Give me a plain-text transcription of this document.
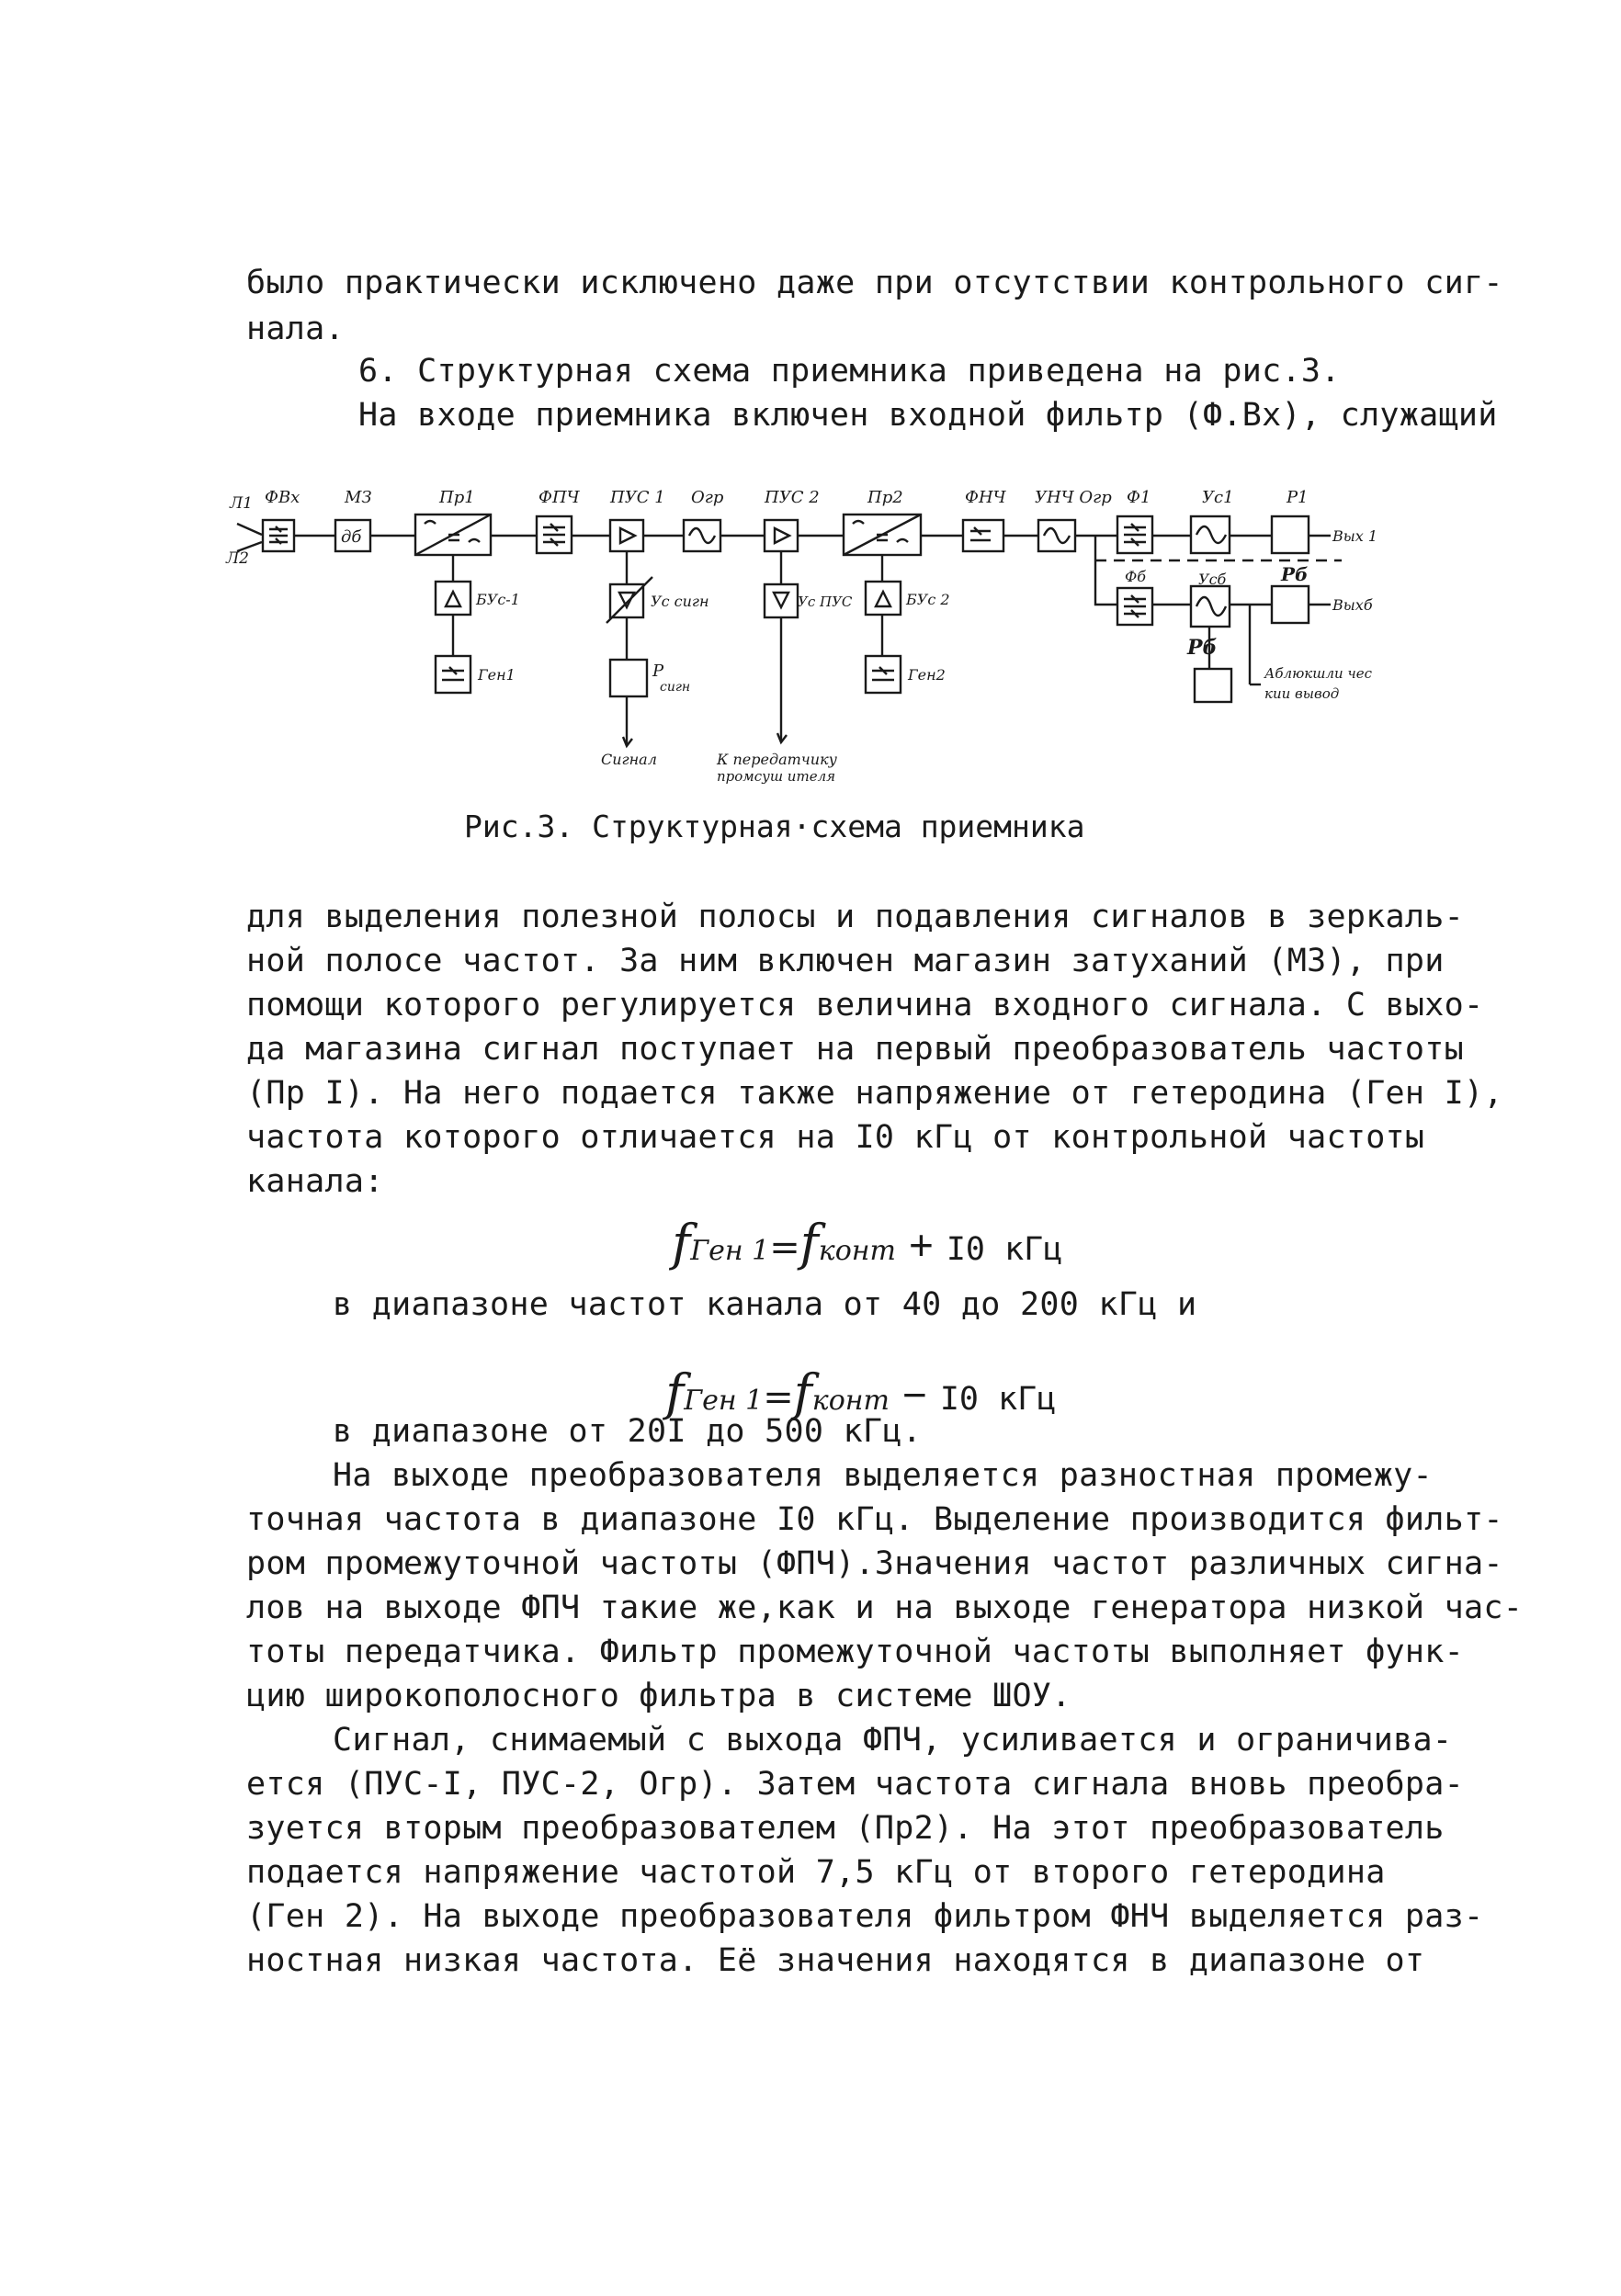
было практически исключено даже при отсутствии контрольного сиг-
нала.
6. Структурная схема приемника приведена на рис.3.
На входе приемника включен входной фильтр (Ф.Вх), служащий
Л1
Л2
ФВх	МЗ
дб
Пр1	ФПЧ ПУС 1 Огр ПУС 2	Пр2	ФНЧ УНЧ Огр Ф1	Ус1	Р1
Вых 1
Фб	Усб	Рб
Выхб
Рб
Аблюкшли чес
кии вывод
БУс-1
Ген1
Ус сигн
Р
сигн
Сигнал
Ус ПУС
К передатчику
промсуш ителя
БУс 2
Ген2
Рис.3. Структурная·схема приемника
для выделения полезной полосы и подавления сигналов в зеркаль-
ной полосе частот. За ним включен магазин затуханий (МЗ), при
помощи которого регулируется величина входного сигнала. С выхо-
да магазина сигнал поступает на первый преобразователь частоты
(Пр I). На него подается также напряжение от гетеродина (Ген I),
частота которого отличается на I0 кГц от контрольной частоты
канала:

fГен 1=fконт + I0 кГц

в диапазоне частот канала от 40 до 200 кГц и

fГен 1=fконт − I0 кГц

в диапазоне от 20I до 500 кГц.
На выходе преобразователя выделяется разностная промежу-
точная частота в диапазоне I0 кГц. Выделение производится фильт-
ром промежуточной частоты (ФПЧ).Значения частот различных сигна-
лов на выходе ФПЧ такие же,как и на выходе генератора низкой час-
тоты передатчика. Фильтр промежуточной частоты выполняет функ-
цию широкополосного фильтра в системе ШОУ.
Сигнал, снимаемый с выхода ФПЧ, усиливается и ограничива-
ется (ПУС-I, ПУС-2, Огр). Затем частота сигнала вновь преобра-
зуется вторым преобразователем (Пр2). На этот преобразователь
подается напряжение частотой 7,5 кГц от второго гетеродина
(Ген 2). На выходе преобразователя фильтром ФНЧ выделяется раз-
ностная низкая частота. Её значения находятся в диапазоне от
